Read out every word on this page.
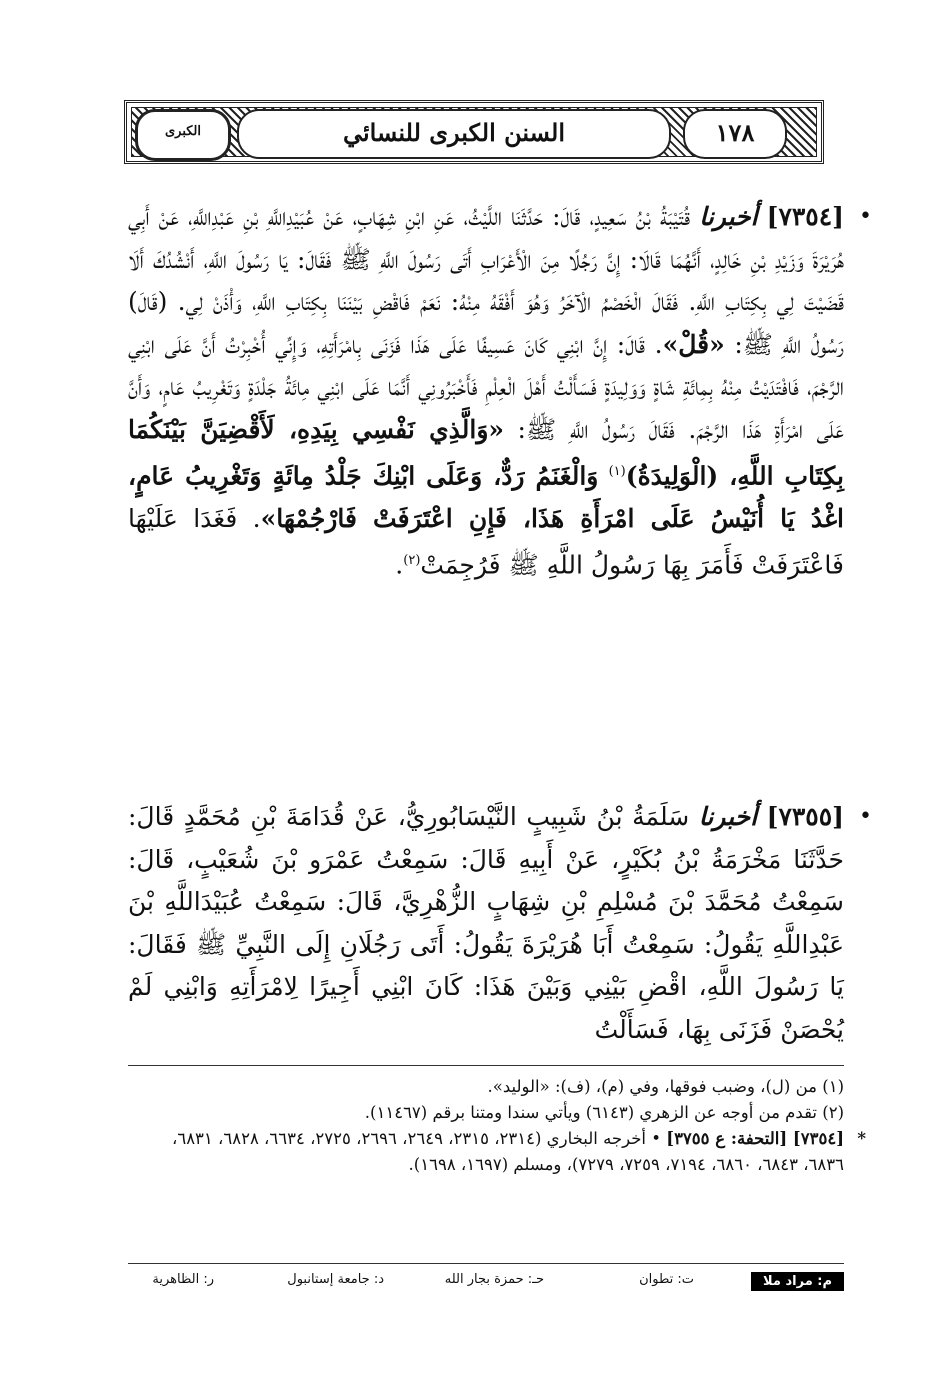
الكبرى	السنن الكبرى للنسائي	١٧٨
•
[٧٣٥٤] أخبرنا قُتَيْبَةُ بْنُ سَعِيدٍ، قَالَ: حَدَّثَنَا اللَّيْثُ، عَنِ ابْنِ شِهَابٍ، عَنْ عُبَيْدِاللَّهِ بْنِ عَبْدِاللَّهِ، عَنْ أَبِي هُرَيْرَةَ وَزَيْدِ بْنِ خَالِدٍ، أَنَّهُمَا قَالَا: إِنَّ رَجُلًا مِنَ الْأَعْرَابِ أَتَى رَسُولَ اللَّهِ ﷺ فَقَالَ: يَا رَسُولَ اللَّهِ، أَنْشُدُكَ أَلَا قَضَيْتَ لِي بِكِتَابِ اللَّهِ. فَقَالَ الْخَصْمُ الْآخَرُ وَهُوَ أَفْقَهُ مِنْهُ: نَعَمْ فَاقْضِ بَيْنَنَا بِكِتَابِ اللَّهِ، وَأْذَنْ لِي. (قَالَ) رَسُولُ اللَّهِ ﷺ: «قُلْ». قَالَ: إِنَّ ابْنِي كَانَ عَسِيفًا عَلَى هَذَا فَزَنَى بِامْرَأَتِهِ، وَإِنِّي أُخْبِرْتُ أَنَّ عَلَى ابْنِي الرَّجْمَ، فَافْتَدَيْتُ مِنْهُ بِمِائَةِ شَاةٍ وَوَلِيدَةٍ فَسَأَلْتُ أَهْلَ الْعِلْمِ فَأَخْبَرُونِي أَنَّمَا عَلَى ابْنِي مِائَةُ جَلْدَةٍ وَتَغْرِيبُ عَامٍ، وَأَنَّ عَلَى امْرَأَةِ هَذَا الرَّجْمَ. فَقَالَ رَسُولُ اللَّهِ ﷺ: «وَالَّذِي نَفْسِي بِيَدِهِ، لَأَقْضِيَنَّ بَيْنَكُمَا بِكِتَابِ اللَّهِ، (الْوَلِيدَةُ)$^{(١)}$ وَالْغَنَمُ رَدٌّ، وَعَلَى ابْنِكَ جَلْدُ مِائَةٍ وَتَغْرِيبُ عَامٍ، اغْدُ يَا أُنَيْسُ عَلَى امْرَأَةِ هَذَا، فَإِنِ اعْتَرَفَتْ فَارْجُمْهَا». فَغَدَا عَلَيْهَا فَاعْتَرَفَتْ فَأَمَرَ بِهَا رَسُولُ اللَّهِ ﷺ فَرُجِمَتْ$^{(٢)}$.
•
[٧٣٥٥] أخبرنا سَلَمَةُ بْنُ شَبِيبٍ النَّيْسَابُورِيُّ، عَنْ قُدَامَةَ بْنِ مُحَمَّدٍ قَالَ: حَدَّثَنَا مَخْرَمَةُ بْنُ بُكَيْرٍ، عَنْ أَبِيهِ قَالَ: سَمِعْتُ عَمْرَو بْنَ شُعَيْبٍ، قَالَ: سَمِعْتُ مُحَمَّدَ بْنَ مُسْلِمِ بْنِ شِهَابٍ الزُّهْرِيَّ، قَالَ: سَمِعْتُ عُبَيْدَاللَّهِ بْنَ عَبْدِاللَّهِ يَقُولُ: سَمِعْتُ أَبَا هُرَيْرَةَ يَقُولُ: أَتَى رَجُلَانِ إِلَى النَّبِيِّ ﷺ فَقَالَ: يَا رَسُولَ اللَّهِ، اقْضِ بَيْنِي وَبَيْنَ هَذَا: كَانَ ابْنِي أَجِيرًا لِامْرَأَتِهِ وَابْنِي لَمْ يُحْصَنْ فَزَنَى بِهَا، فَسَأَلْتُ
(١) من (ل)، وضبب فوقها، وفي (م)، (ف): «الوليد».
(٢) تقدم من أوجه عن الزهري (٦١٤٣) ويأتي سندا ومتنا برقم (١١٤٦٧).
*
[٧٣٥٤] [التحفة: ع ٣٧٥٥] • أخرجه البخاري (٢٣١٤، ٢٣١٥، ٢٦٤٩، ٢٦٩٦، ٢٧٢٥، ٦٦٣٤، ٦٨٢٨، ٦٨٣١، ٦٨٣٦، ٦٨٤٣، ٦٨٦٠، ٧١٩٤، ٧٢٥٩، ٧٢٧٩)، ومسلم (١٦٩٧، ١٦٩٨).
م: مراد ملا
ت: تطوان
حـ: حمزة بجار الله
د: جامعة إستانبول
ر: الظاهرية
